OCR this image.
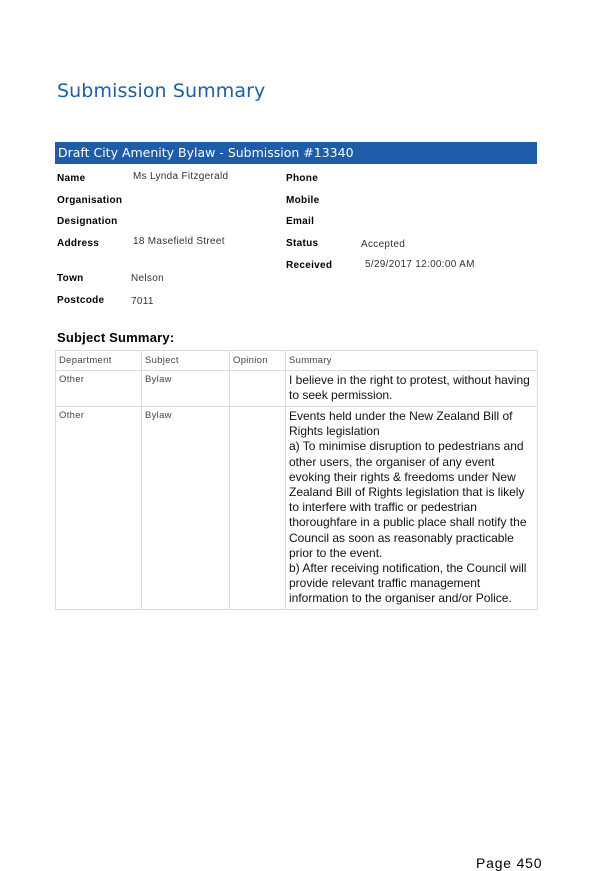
Submission Summary
Draft City Amenity Bylaw - Submission #13340
Name	Ms Lynda Fitzgerald
Organisation
Designation
Address	18 Masefield Street
Town	Nelson
Postcode	7011
Phone
Mobile
Email
Status	Accepted
Received	5/29/2017 12:00:00 AM
Subject Summary:
Department	Subject	Opinion	Summary
Other	Bylaw		I believe in the right to protest, without having to seek permission.
Other	Bylaw		Events held under the New Zealand Bill of Rights legislation
a) To minimise disruption to pedestrians and other users, the organiser of any event evoking their rights & freedoms under New Zealand Bill of Rights legislation that is likely to interfere with traffic or pedestrian thoroughfare in a public place shall notify the Council as soon as reasonably practicable prior to the event.
b) After receiving notification, the Council will provide relevant traffic management information to the organiser and/or Police.
Page 450
